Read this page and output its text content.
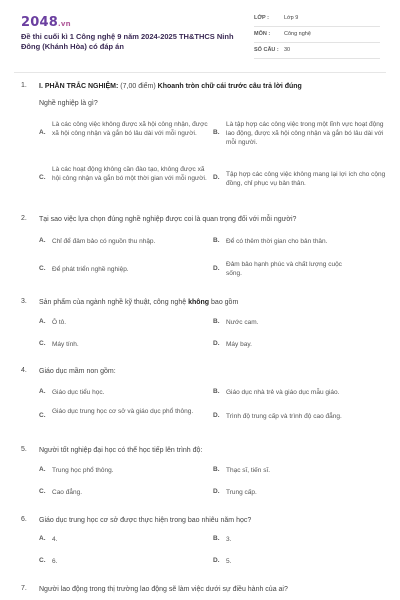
2048.vn
Đề thi cuối kì 1 Công nghệ 9 năm 2024-2025 TH&THCS Ninh Đông (Khánh Hòa) có đáp án
LỚP :	Lớp 9
MÔN :	Công nghệ
SỐ CÂU : 30
1. I. PHẦN TRẮC NGHIỆM: (7,00 điểm) Khoanh tròn chữ cái trước câu trả lời đúng
Nghề nghiệp là gì?
A.
Là các công việc không được xã hội công nhận, được xã hội công nhận và gắn bó lâu dài với mỗi người.	B.
Là tập hợp các công việc trong một lĩnh vực hoạt động lao động, được xã hội công nhận và gắn bó lâu dài với mỗi người.
C.
Là các hoạt động không cần đào tạo, không được xã hội công nhận và gắn bó một thời gian với mỗi người. D. Tập hợp các công việc không mang lại lợi ích cho cộng đồng, chỉ phục vụ bản thân.
2. Tại sao việc lựa chọn đúng nghề nghiệp được coi là quan trọng đối với mỗi người?
A. Chỉ để đảm bảo có nguồn thu nhập.	B. Để có thêm thời gian cho bản thân.
C. Để phát triển nghề nghiệp.	D.
Đảm bảo hạnh phúc và chất lượng cuộc sống.
3. Sản phẩm của ngành nghề kỹ thuật, công nghệ không bao gồm
A. Ô tô.	B. Nước cam.
C. Máy tính.	D. Máy bay.
4. Giáo dục mầm non gồm:
A. Giáo dục tiểu học.	B. Giáo dục nhà trẻ và giáo dục mẫu giáo.
C.
Giáo dục trung học cơ sở và giáo dục phổ thông.
D. Trình độ trung cấp và trình độ cao đẳng.
5. Người tốt nghiệp đại học có thể học tiếp lên trình độ:
A. Trung học phổ thông.	B. Thạc sĩ, tiến sĩ.
C. Cao đẳng.	D. Trung cấp.
6. Giáo dục trung học cơ sở được thực hiện trong bao nhiêu năm học?
A. 4.	B. 3.
C. 6.	D. 5.
7. Người lao động trong thị trường lao động sẽ làm việc dưới sự điều hành của ai?
